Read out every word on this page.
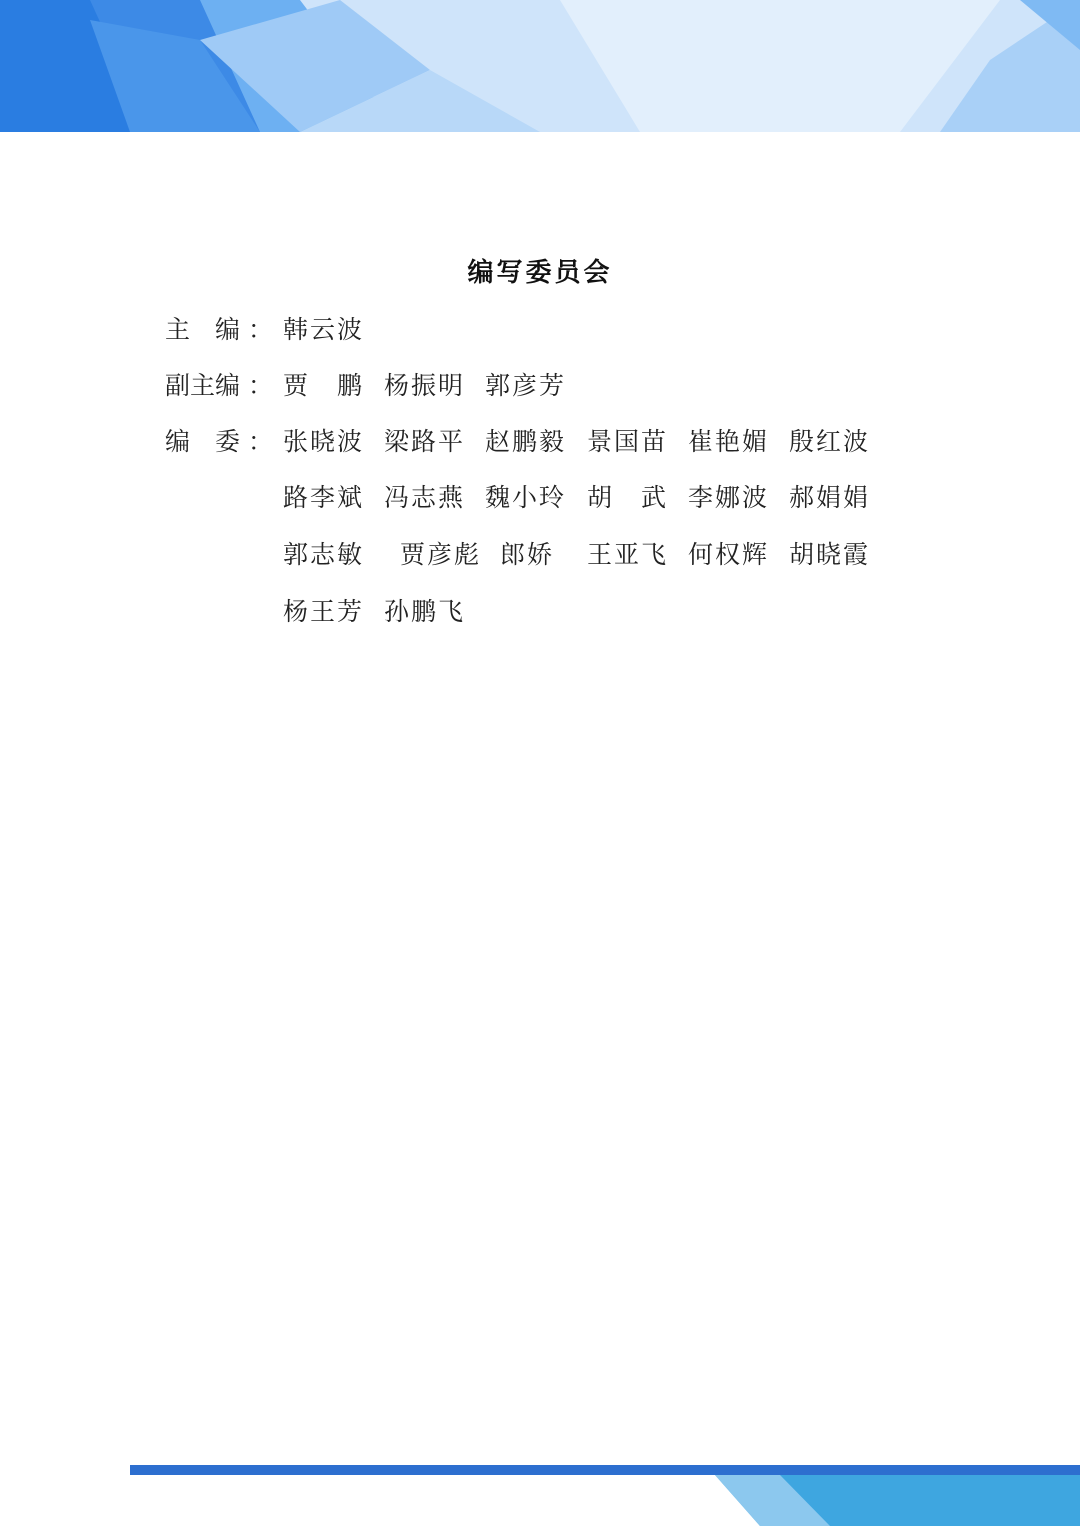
编写委员会
主　编 ： 韩云波
副主编 ： 贾　鹏 杨振明 郭彦芳
编　委 ： 张晓波 梁路平 赵鹏毅 景国苗 崔艳媚 殷红波
路李斌 冯志燕 魏小玲 胡　武 李娜波 郝娟娟
郭志敏 贾彦彪 郎娇 王亚飞 何权辉 胡晓霞
杨王芳 孙鹏飞
